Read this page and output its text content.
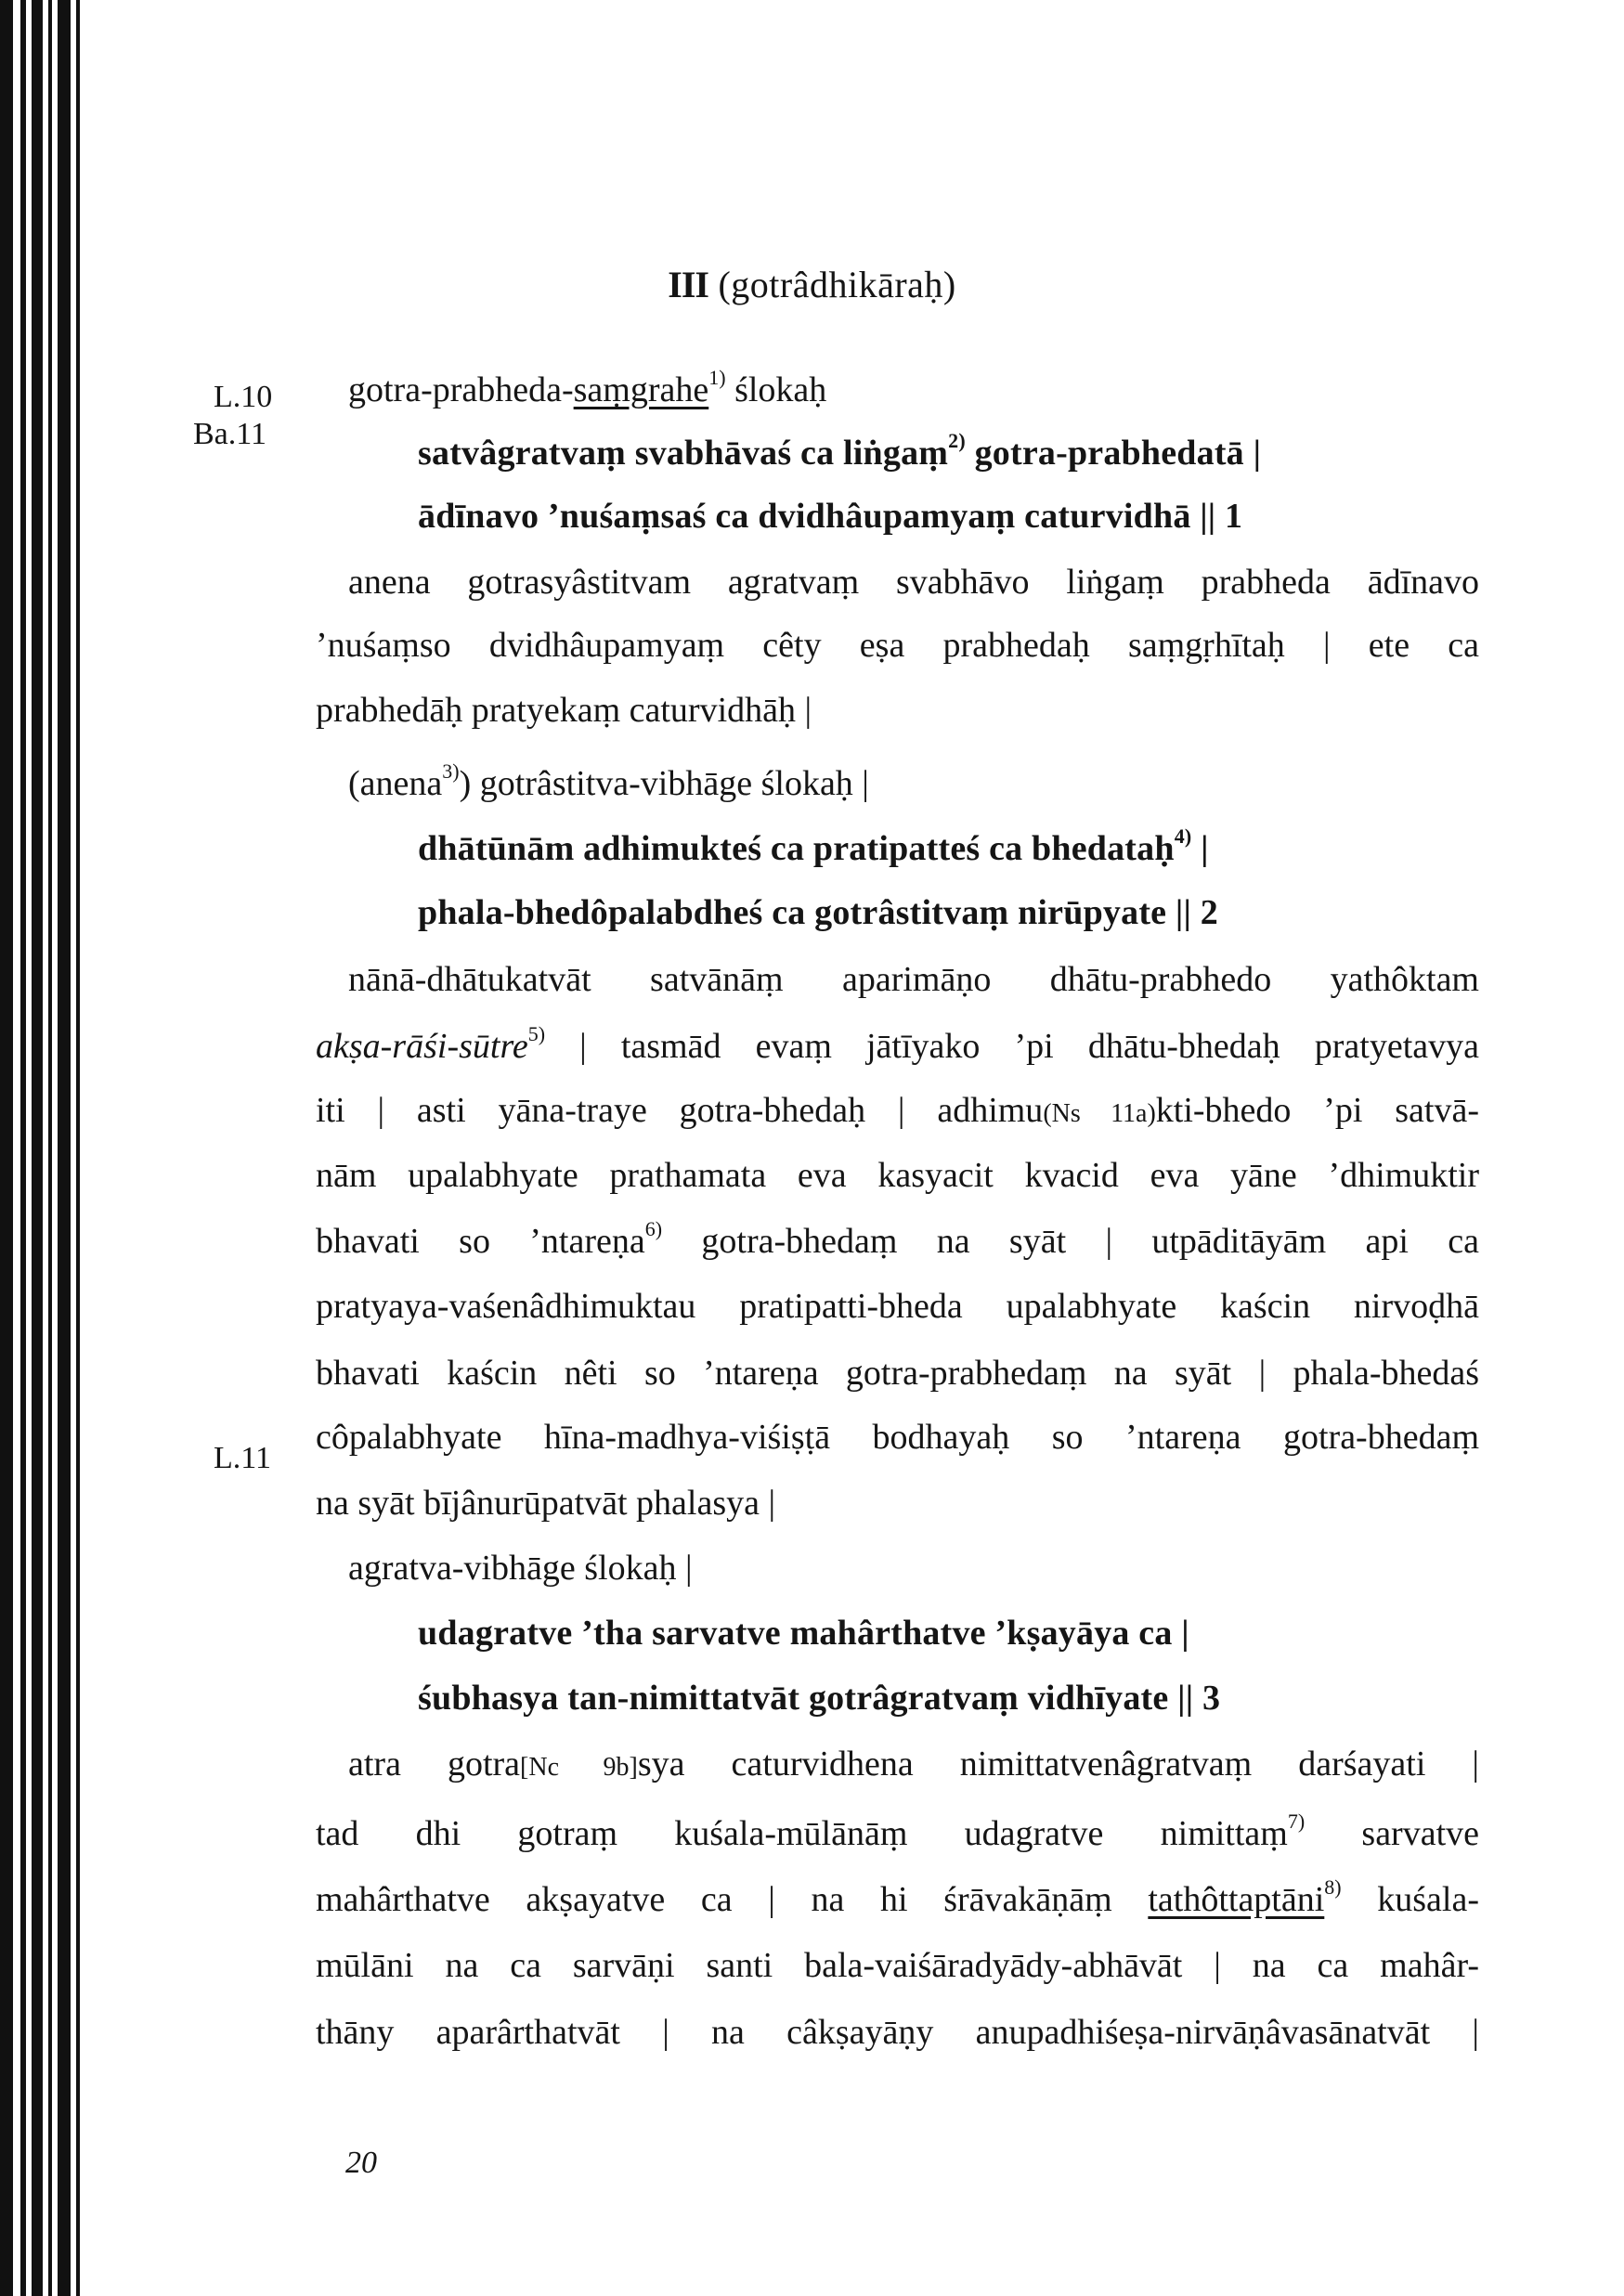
III (gotrâdhikāraḥ)
L.10
Ba.11
L.11
gotra-prabheda-saṃgrahe$^{1)}$ ślokaḥ
satvâgratvaṃ svabhāvaś ca liṅgaṃ$^{2)}$ gotra-prabhedatā |
ādīnavo ’nuśaṃsaś ca dvidhâupamyaṃ caturvidhā || 1
anena gotrasyâstitvam agratvaṃ svabhāvo liṅgaṃ prabheda ādīnavo
’nuśaṃso dvidhâupamyaṃ cêty eṣa prabhedaḥ saṃgṛhītaḥ | ete ca
prabhedāḥ pratyekaṃ caturvidhāḥ |
(anena$^{3)}$) gotrâstitva-vibhāge ślokaḥ |
dhātūnām adhimukteś ca pratipatteś ca bhedataḥ$^{4)}$ |
phala-bhedôpalabdheś ca gotrâstitvaṃ nirūpyate || 2
nānā-dhātukatvāt satvānāṃ aparimāṇo dhātu-prabhedo yathôktam
akṣa-rāśi-sūtre$^{5)}$ | tasmād evaṃ jātīyako ’pi dhātu-bhedaḥ pratyetavya
iti | asti yāna-traye gotra-bhedaḥ | adhimu(Ns 11a)kti-bhedo ’pi satvā-
nām upalabhyate prathamata eva kasyacit kvacid eva yāne ’dhimuktir
bhavati so ’ntareṇa$^{6)}$ gotra-bhedaṃ na syāt | utpāditāyām api ca
pratyaya-vaśenâdhimuktau pratipatti-bheda upalabhyate kaścin nirvoḍhā
bhavati kaścin nêti so ’ntareṇa gotra-prabhedaṃ na syāt | phala-bhedaś
côpalabhyate hīna-madhya-viśiṣṭā bodhayaḥ so ’ntareṇa gotra-bhedaṃ
na syāt bījânurūpatvāt phalasya |
agratva-vibhāge ślokaḥ |
udagratve ’tha sarvatve mahârthatve ’kṣayāya ca |
śubhasya tan-nimittatvāt gotrâgratvaṃ vidhīyate || 3
atra gotra[Nc 9b]sya caturvidhena nimittatvenâgratvaṃ darśayati |
tad dhi gotraṃ kuśala-mūlānāṃ udagratve nimittaṃ$^{7)}$ sarvatve
mahârthatve akṣayatve ca | na hi śrāvakāṇāṃ tathôttaptāni$^{8)}$ kuśala-
mūlāni na ca sarvāṇi santi bala-vaiśāradyādy-abhāvāt | na ca mahâr-
thāny aparârthatvāt | na câkṣayāṇy anupadhiśeṣa-nirvāṇâvasānatvāt |
20
